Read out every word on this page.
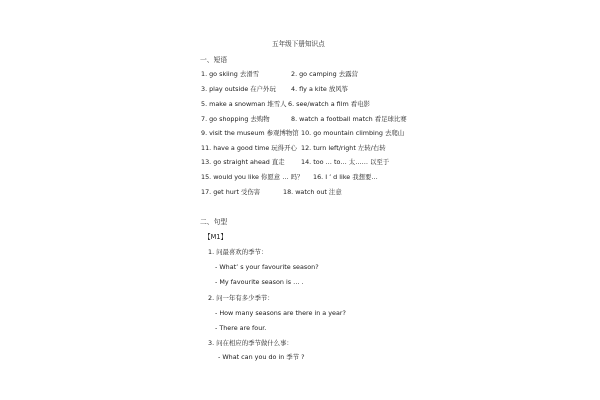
五年级下册知识点
一、短语
1. go skiing 去滑雪	2. go camping 去露营
3. play outside 在户外玩 4. fly a kite 放风筝
5. make a snowman 堆雪人 6. see/watch a film 看电影
7. go shopping 去购物	8. watch a football match 看足球比赛
9. visit the museum 参观博物馆 10. go mountain climbing 去爬山
11. have a good time 玩得开心 12. turn left/right 左转/右转
13. go straight ahead 直走	14. too … to… 太…… 以至于
15. would you like 你愿意 … 吗？ 16. I ’ d like 我想要…
17. get hurt 受伤害	18. watch out 注意
二、句型
【M1】
1. 问最喜欢的季节：
- What’ s your favourite season?
- My favourite season is … .
2. 问一年有多少季节：
- How many seasons are there in a year?
- There are four.
3. 问在相应的季节做什么事：
- What can you do in 季节 ?
